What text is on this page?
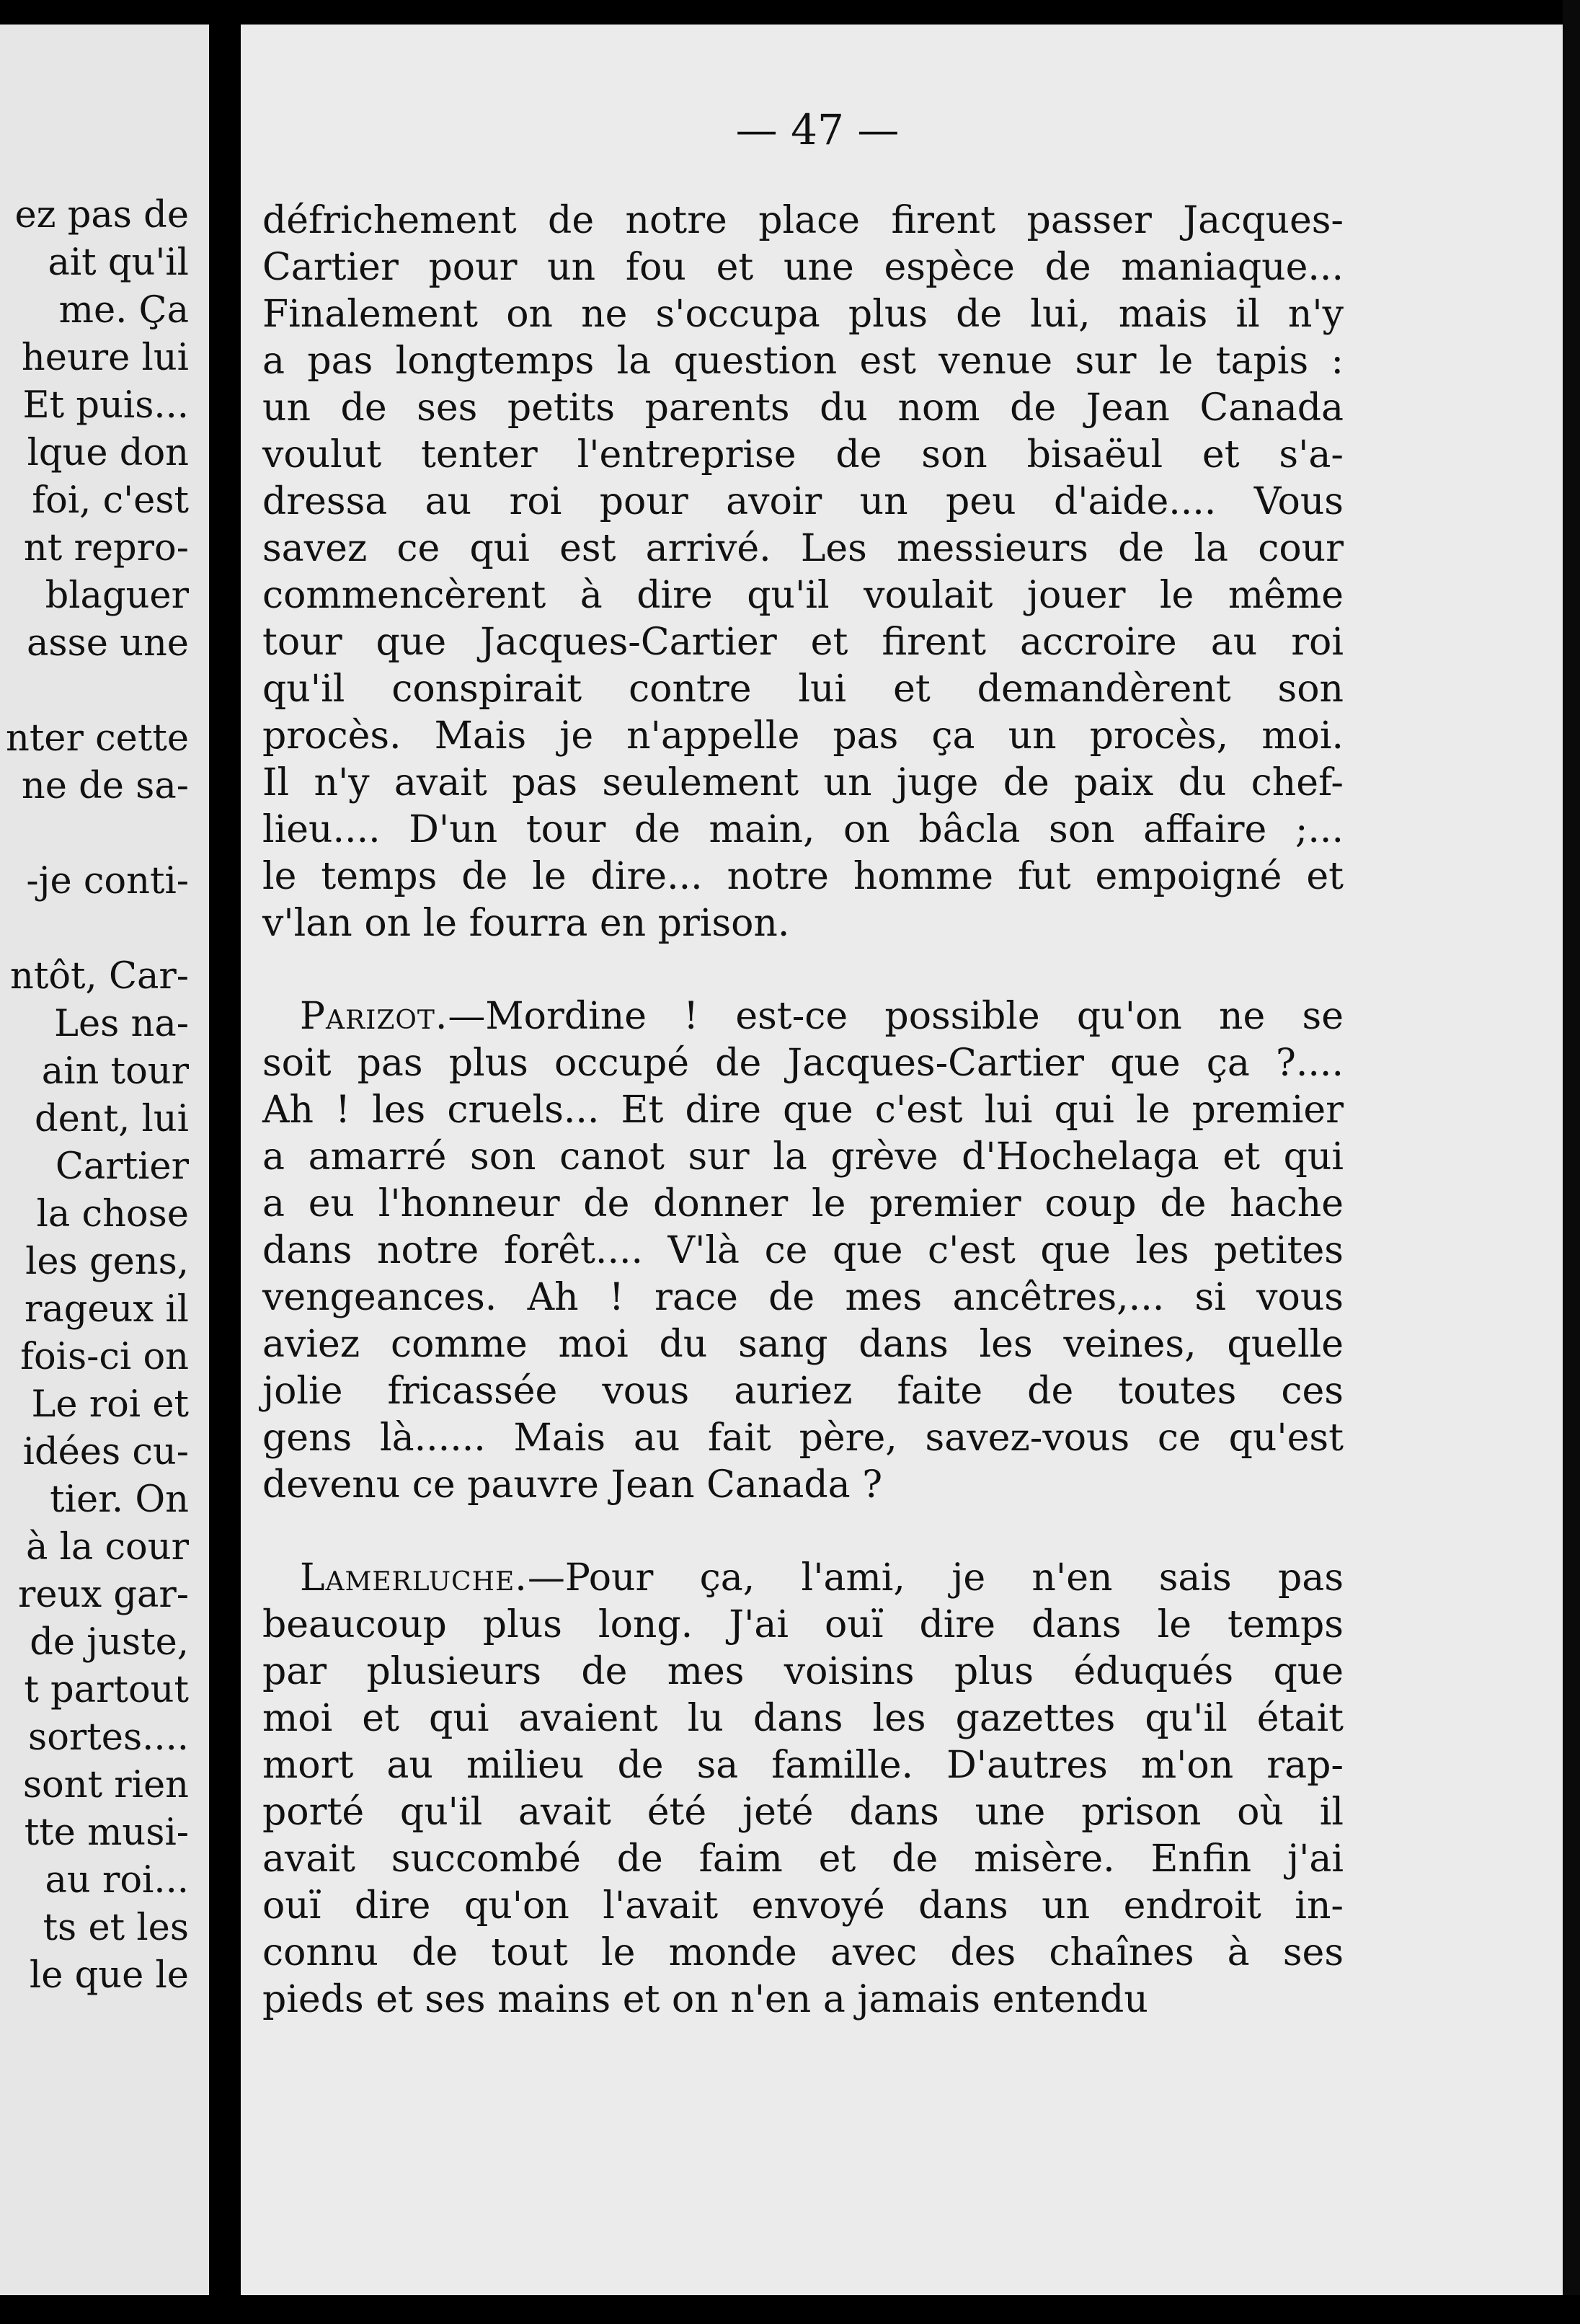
ez pas de
ait qu'il
me. Ça
heure lui
Et puis...
lque don
foi, c'est
nt repro-
blaguer
asse une
nter cette
ne de sa-
-je conti-
ntôt, Car-
Les na-
ain tour
dent, lui
Cartier
la chose
les gens,
rageux il
fois-ci on
Le roi et
idées cu-
tier. On
à la cour
reux gar-
de juste,
t partout
sortes....
sont rien
tte musi-
au roi...
ts et les
le que le
— 47 —
défrichement de notre place firent passer Jacques-
Cartier pour un fou et une espèce de maniaque...
Finalement on ne s'occupa plus de lui, mais il n'y
a pas longtemps la question est venue sur le tapis :
un de ses petits parents du nom de Jean Canada
voulut tenter l'entreprise de son bisaëul et s'a-
dressa au roi pour avoir un peu d'aide.... Vous
savez ce qui est arrivé. Les messieurs de la cour
commencèrent à dire qu'il voulait jouer le même
tour que Jacques-Cartier et firent accroire au roi
qu'il conspirait contre lui et demandèrent son
procès. Mais je n'appelle pas ça un procès, moi.
Il n'y avait pas seulement un juge de paix du chef-
lieu.... D'un tour de main, on bâcla son affaire ;...
le temps de le dire... notre homme fut empoigné et
v'lan on le fourra en prison.
Parizot.—Mordine ! est-ce possible qu'on ne se
soit pas plus occupé de Jacques-Cartier que ça ?....
Ah ! les cruels... Et dire que c'est lui qui le premier
a amarré son canot sur la grève d'Hochelaga et qui
a eu l'honneur de donner le premier coup de hache
dans notre forêt.... V'là ce que c'est que les petites
vengeances. Ah ! race de mes ancêtres,... si vous
aviez comme moi du sang dans les veines, quelle
jolie fricassée vous auriez faite de toutes ces
gens là...... Mais au fait père, savez-vous ce qu'est
devenu ce pauvre Jean Canada ?
Lamerluche.—Pour ça, l'ami, je n'en sais pas
beaucoup plus long. J'ai ouï dire dans le temps
par plusieurs de mes voisins plus éduqués que
moi et qui avaient lu dans les gazettes qu'il était
mort au milieu de sa famille. D'autres m'on rap-
porté qu'il avait été jeté dans une prison où il
avait succombé de faim et de misère. Enfin j'ai
ouï dire qu'on l'avait envoyé dans un endroit in-
connu de tout le monde avec des chaînes à ses
pieds et ses mains et on n'en a jamais entendu
